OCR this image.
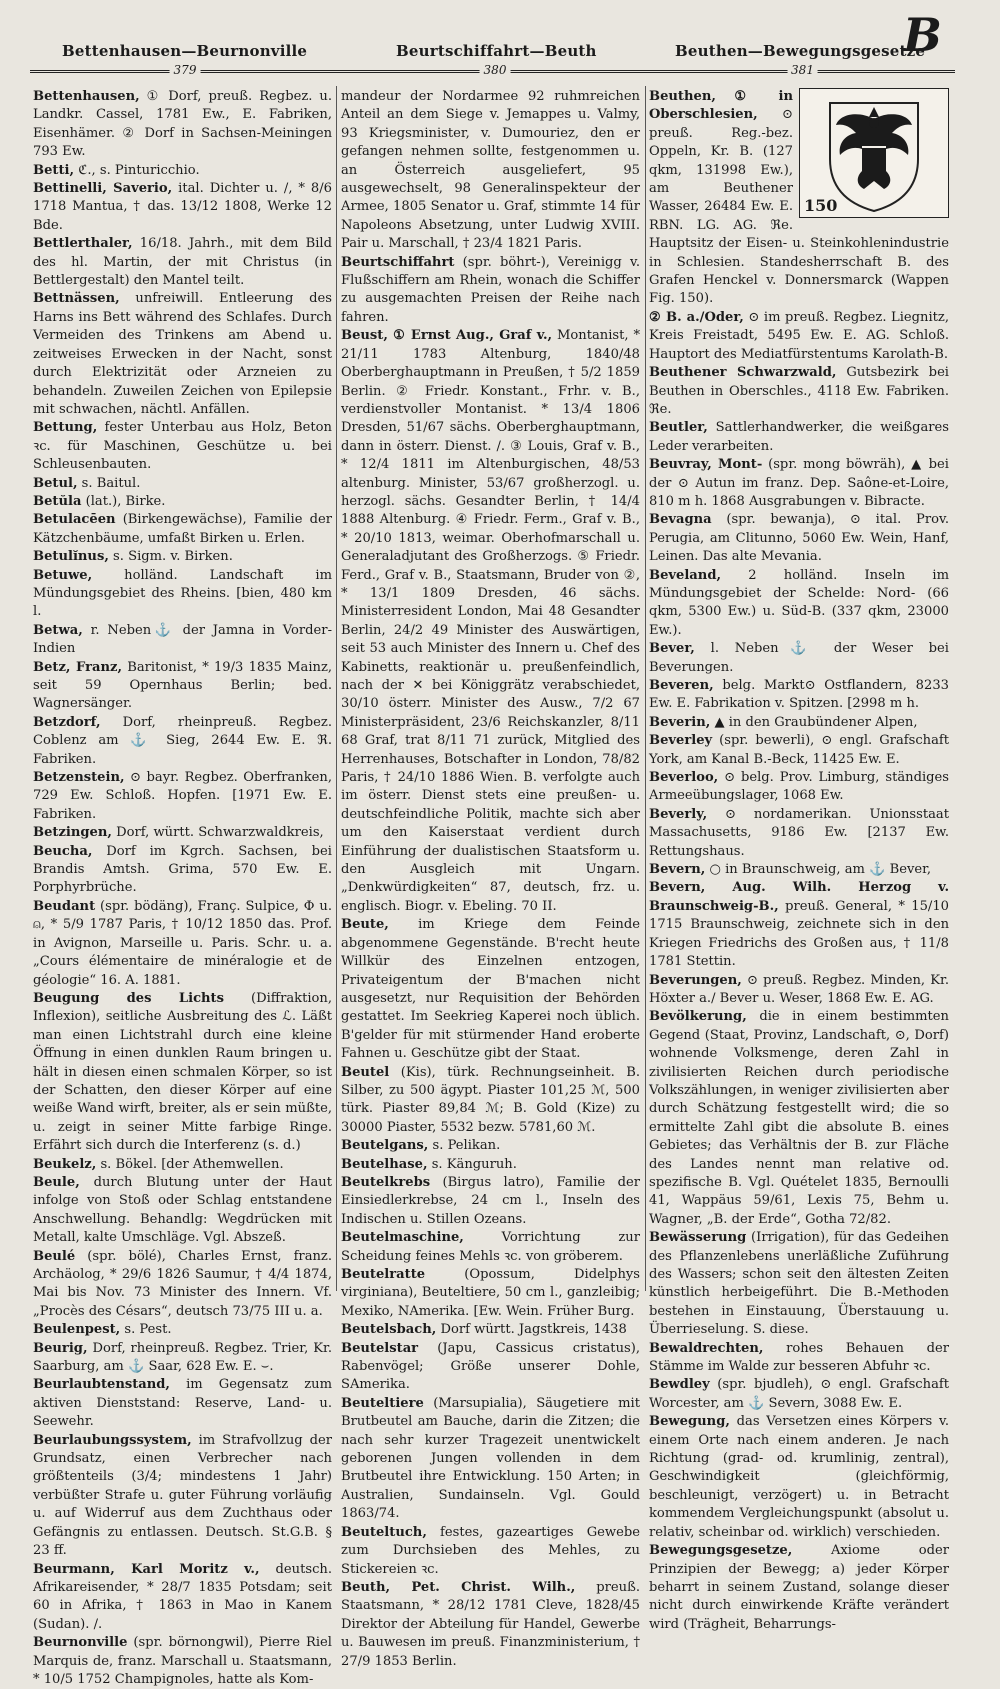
Bettenhausen—Beurnonville	Beurtschiffahrt—Beuth	Beuthen—Bewegungsgesetze
B
379	380	381

Bettenhausen, ① Dorf, preuß. Regbez. u. Landkr. Cassel, 1781 Ew., E. Fabriken, Eisenhämer. ② Dorf in Sachsen-Meiningen 793 Ew.

Betti, ℭ., s. Pinturicchio.

Bettinelli, Saverio, ital. Dichter u. /, * 8/6 1718 Mantua, † das. 13/12 1808, Werke 12 Bde.

Bettlerthaler, 16/18. Jahrh., mit dem Bild des hl. Martin, der mit Christus (in Bettlergestalt) den Mantel teilt.

Bettnässen, unfreiwill. Entleerung des Harns ins Bett während des Schlafes. Durch Vermeiden des Trinkens am Abend u. zeitweises Erwecken in der Nacht, sonst durch Elektrizität oder Arzneien zu behandeln. Zuweilen Zeichen von Epilepsie mit schwachen, nächtl. Anfällen.

Bettung, fester Unterbau aus Holz, Beton ꝛc. für Maschinen, Geschütze u. bei Schleusenbauten.

Betul, s. Baitul.

Betŭla (lat.), Birke.

Betulacēen (Birkengewächse), Familie der Kätzchenbäume, umfaßt Birken u. Erlen.

Betulĭnus, s. Sigm. v. Birken.

Betuwe, holländ. Landschaft im Mündungsgebiet des Rheins. [bien, 480 km l.

Betwa, r. Neben⚓ der Jamna in Vorder-Indien

Betz, Franz, Baritonist, * 19/3 1835 Mainz, seit 59 Opernhaus Berlin; bed. Wagnersänger.

Betzdorf, Dorf, rheinpreuß. Regbez. Coblenz am ⚓ Sieg, 2644 Ew. E. ℜ. Fabriken.

Betzenstein, ⊙ bayr. Regbez. Oberfranken, 729 Ew. Schloß. Hopfen. [1971 Ew. E. Fabriken.

Betzingen, Dorf, württ. Schwarzwaldkreis,

Beucha, Dorf im Kgrch. Sachsen, bei Brandis Amtsh. Grima, 570 Ew. E. Porphyrbrüche.

Beudant (spr. bödäng), Franç. Sulpice, Φ u. ⍝, * 5/9 1787 Paris, † 10/12 1850 das. Prof. in Avignon, Marseille u. Paris. Schr. u. a. „Cours élémentaire de minéralogie et de géologie“ 16. A. 1881.

Beugung des Lichts (Diffraktion, Inflexion), seitliche Ausbreitung des ℒ. Läßt man einen Lichtstrahl durch eine kleine Öffnung in einen dunklen Raum bringen u. hält in diesen einen schmalen Körper, so ist der Schatten, den dieser Körper auf eine weiße Wand wirft, breiter, als er sein müßte, u. zeigt in seiner Mitte farbige Ringe. Erfährt sich durch die Interferenz (s. d.)

Beukelz, s. Bökel. [der Athemwellen.

Beule, durch Blutung unter der Haut infolge von Stoß oder Schlag entstandene Anschwellung. Behandlg: Wegdrücken mit Metall, kalte Umschläge. Vgl. Abszeß.

Beulé (spr. bölé), Charles Ernst, franz. Archäolog, * 29/6 1826 Saumur, † 4/4 1874, Mai bis Nov. 73 Minister des Innern. Vf. „Procès des Césars“, deutsch 73/75 III u. a.

Beulenpest, s. Pest.

Beurig, Dorf, rheinpreuß. Regbez. Trier, Kr. Saarburg, am ⚓ Saar, 628 Ew. E. ⌣.

Beurlaubtenstand, im Gegensatz zum aktiven Dienststand: Reserve, Land- u. Seewehr.

Beurlaubungssystem, im Strafvollzug der Grundsatz, einen Verbrecher nach größtenteils (3/4; mindestens 1 Jahr) verbüßter Strafe u. guter Führung vorläufig u. auf Widerruf aus dem Zuchthaus oder Gefängnis zu entlassen. Deutsch. St.G.B. § 23 ff.

Beurmann, Karl Moritz v., deutsch. Afrikareisender, * 28/7 1835 Potsdam; seit 60 in Afrika, † 1863 in Mao in Kanem (Sudan). /.

Beurnonville (spr. börnongwil), Pierre Riel Marquis de, franz. Marschall u. Staatsmann, * 10/5 1752 Champignoles, hatte als Kom-

mandeur der Nordarmee 92 ruhmreichen Anteil an dem Siege v. Jemappes u. Valmy, 93 Kriegsminister, v. Dumouriez, den er gefangen nehmen sollte, festgenommen u. an Österreich ausgeliefert, 95 ausgewechselt, 98 Generalinspekteur der Armee, 1805 Senator u. Graf, stimmte 14 für Napoleons Absetzung, unter Ludwig XVIII. Pair u. Marschall, † 23/4 1821 Paris.

Beurtschiffahrt (spr. böhrt-), Vereinigg v. Flußschiffern am Rhein, wonach die Schiffer zu ausgemachten Preisen der Reihe nach fahren.

Beust, ① Ernst Aug., Graf v., Montanist, * 21/11 1783 Altenburg, 1840/48 Oberberghauptmann in Preußen, † 5/2 1859 Berlin. ② Friedr. Konstant., Frhr. v. B., verdienstvoller Montanist. * 13/4 1806 Dresden, 51/67 sächs. Oberberghauptmann, dann in österr. Dienst. /. ③ Louis, Graf v. B., * 12/4 1811 im Altenburgischen, 48/53 altenburg. Minister, 53/67 großherzogl. u. herzogl. sächs. Gesandter Berlin, † 14/4 1888 Altenburg. ④ Friedr. Ferm., Graf v. B., * 20/10 1813, weimar. Oberhofmarschall u. Generaladjutant des Großherzogs. ⑤ Friedr. Ferd., Graf v. B., Staatsmann, Bruder von ②, * 13/1 1809 Dresden, 46 sächs. Ministerresident London, Mai 48 Gesandter Berlin, 24/2 49 Minister des Auswärtigen, seit 53 auch Minister des Innern u. Chef des Kabinetts, reaktionär u. preußenfeindlich, nach der ✕ bei Königgrätz verabschiedet, 30/10 österr. Minister des Ausw., 7/2 67 Ministerpräsident, 23/6 Reichskanzler, 8/11 68 Graf, trat 8/11 71 zurück, Mitglied des Herrenhauses, Botschafter in London, 78/82 Paris, † 24/10 1886 Wien. B. verfolgte auch im österr. Dienst stets eine preußen- u. deutschfeindliche Politik, machte sich aber um den Kaiserstaat verdient durch Einführung der dualistischen Staatsform u. den Ausgleich mit Ungarn. „Denkwürdigkeiten“ 87, deutsch, frz. u. englisch. Biogr. v. Ebeling. 70 II.

Beute, im Kriege dem Feinde abgenommene Gegenstände. B'recht heute Willkür des Einzelnen entzogen, Privateigentum der B'machen nicht ausgesetzt, nur Requisition der Behörden gestattet. Im Seekrieg Kaperei noch üblich. B'gelder für mit stürmender Hand eroberte Fahnen u. Geschütze gibt der Staat.

Beutel (Kis), türk. Rechnungseinheit. B. Silber, zu 500 ägypt. Piaster 101,25 ℳ, 500 türk. Piaster 89,84 ℳ; B. Gold (Kize) zu 30000 Piaster, 5532 bezw. 5781,60 ℳ.

Beutelgans, s. Pelikan.

Beutelhase, s. Känguruh.

Beutelkrebs (Birgus latro), Familie der Einsiedlerkrebse, 24 cm l., Inseln des Indischen u. Stillen Ozeans.

Beutelmaschine, Vorrichtung zur Scheidung feines Mehls ꝛc. von gröberem.

Beutelratte (Opossum, Didelphys virginiana), Beuteltiere, 50 cm l., ganzleibig; Mexiko, NAmerika. [Ew. Wein. Früher Burg.

Beutelsbach, Dorf württ. Jagstkreis, 1438

Beutelstar (Japu, Cassicus cristatus), Rabenvögel; Größe unserer Dohle, SAmerika.

Beuteltiere (Marsupialia), Säugetiere mit Brutbeutel am Bauche, darin die Zitzen; die nach sehr kurzer Tragezeit unentwickelt geborenen Jungen vollenden in dem Brutbeutel ihre Entwicklung. 150 Arten; in Australien, Sundainseln. Vgl. Gould 1863/74.

Beuteltuch, festes, gazeartiges Gewebe zum Durchsieben des Mehles, zu Stickereien ꝛc.

Beuth, Pet. Christ. Wilh., preuß. Staatsmann, * 28/12 1781 Cleve, 1828/45 Direktor der Abteilung für Handel, Gewerbe u. Bauwesen im preuß. Finanzministerium, † 27/9 1853 Berlin.

150

Beuthen, ① in Oberschlesien, ⊙ preuß. Reg.-bez. Oppeln, Kr. B. (127 qkm, 131998 Ew.), am Beuthener Wasser, 26484 Ew. E. RBN. LG. AG. ℜe. Hauptsitz der Eisen- u. Steinkohlenindustrie in Schlesien. Standesherrschaft B. des Grafen Henckel v. Donnersmarck (Wappen Fig. 150).

② B. a./Oder, ⊙ im preuß. Regbez. Liegnitz, Kreis Freistadt, 5495 Ew. E. AG. Schloß. Hauptort des Mediatfürstentums Karolath-B.

Beuthener Schwarzwald, Gutsbezirk bei Beuthen in Oberschles., 4118 Ew. Fabriken. ℜe.

Beutler, Sattlerhandwerker, die weißgares Leder verarbeiten.

Beuvray, Mont- (spr. mong böwräh), ▲ bei der ⊙ Autun im franz. Dep. Saône-et-Loire, 810 m h. 1868 Ausgrabungen v. Bibracte.

Bevagna (spr. bewanja), ⊙ ital. Prov. Perugia, am Clitunno, 5060 Ew. Wein, Hanf, Leinen. Das alte Mevania.

Beveland, 2 holländ. Inseln im Mündungsgebiet der Schelde: Nord- (66 qkm, 5300 Ew.) u. Süd-B. (337 qkm, 23000 Ew.).

Bever, l. Neben⚓ der Weser bei Beverungen.

Beveren, belg. Markt⊙ Ostflandern, 8233 Ew. E. Fabrikation v. Spitzen. [2998 m h.

Beverin, ▲ in den Graubündener Alpen,

Beverley (spr. bewerli), ⊙ engl. Grafschaft York, am Kanal B.-Beck, 11425 Ew. E.

Beverloo, ⊙ belg. Prov. Limburg, ständiges Armeeübungslager, 1068 Ew.

Beverly, ⊙ nordamerikan. Unionsstaat Massachusetts, 9186 Ew. [2137 Ew. Rettungshaus.

Bevern, ○ in Braunschweig, am ⚓ Bever,

Bevern, Aug. Wilh. Herzog v. Braunschweig-B., preuß. General, * 15/10 1715 Braunschweig, zeichnete sich in den Kriegen Friedrichs des Großen aus, † 11/8 1781 Stettin.

Beverungen, ⊙ preuß. Regbez. Minden, Kr. Höxter a./ Bever u. Weser, 1868 Ew. E. AG.

Bevölkerung, die in einem bestimmten Gegend (Staat, Provinz, Landschaft, ⊙, Dorf) wohnende Volksmenge, deren Zahl in zivilisierten Reichen durch periodische Volkszählungen, in weniger zivilisierten aber durch Schätzung festgestellt wird; die so ermittelte Zahl gibt die absolute B. eines Gebietes; das Verhältnis der B. zur Fläche des Landes nennt man relative od. spezifische B. Vgl. Quételet 1835, Bernoulli 41, Wappäus 59/61, Lexis 75, Behm u. Wagner, „B. der Erde“, Gotha 72/82.

Bewässerung (Irrigation), für das Gedeihen des Pflanzenlebens unerläßliche Zuführung des Wassers; schon seit den ältesten Zeiten künstlich herbeigeführt. Die B.-Methoden bestehen in Einstauung, Überstauung u. Überrieselung. S. diese.

Bewaldrechten, rohes Behauen der Stämme im Walde zur besseren Abfuhr ꝛc.

Bewdley (spr. bjudleh), ⊙ engl. Grafschaft Worcester, am ⚓ Severn, 3088 Ew. E.

Bewegung, das Versetzen eines Körpers v. einem Orte nach einem anderen. Je nach Richtung (grad- od. krumlinig, zentral), Geschwindigkeit (gleichförmig, beschleunigt, verzögert) u. in Betracht kommendem Vergleichungspunkt (absolut u. relativ, scheinbar od. wirklich) verschieden.

Bewegungsgesetze, Axiome oder Prinzipien der Bewegg; a) jeder Körper beharrt in seinem Zustand, solange dieser nicht durch einwirkende Kräfte verändert wird (Trägheit, Beharrungs-
